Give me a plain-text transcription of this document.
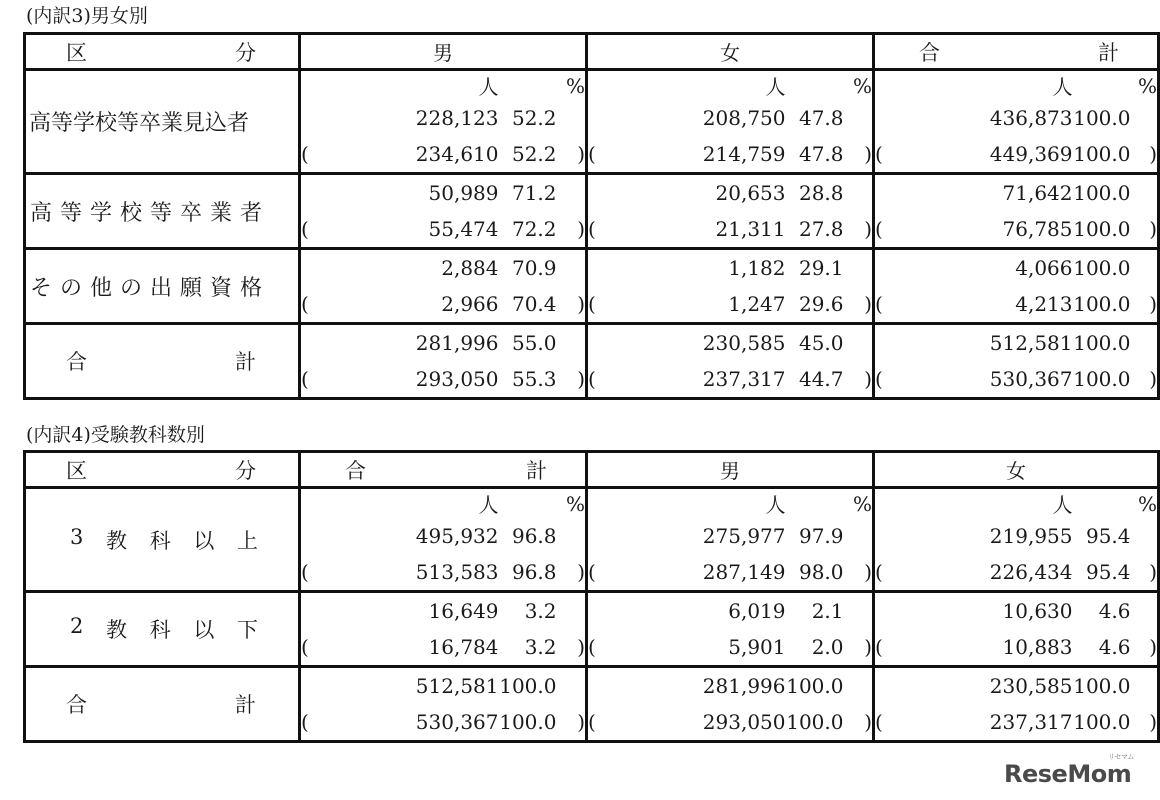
(内訳3)男女別
区 分	男				女				合 計			

高等学校等卒業見込者	人		%		人		%		人		%	
		228,123	52.2			208,750	47.8			436,873	100.0	
	(	234,610	52.2	)	(	214,759	47.8	)	(	449,369	100.0	)

高等学校等卒業者		50,989	71.2			20,653	28.8			71,642	100.0	
	(	55,474	72.2	)	(	21,311	27.8	)	(	76,785	100.0	)

その他の出願資格		2,884	70.9			1,182	29.1			4,066	100.0	
	(	2,966	70.4	)	(	1,247	29.6	)	(	4,213	100.0	)

合 計		281,996	55.0			230,585	45.0			512,581	100.0	
	(	293,050	55.3	)	(	237,317	44.7	)	(	530,367	100.0	)
(内訳4)受験教科数別
区 分	合 計				男				女			

3 教 科 以 上	人		%		人		%		人		%	
		495,932	96.8			275,977	97.9			219,955	95.4	
	(	513,583	96.8	)	(	287,149	98.0	)	(	226,434	95.4	)

2 教 科 以 下		16,649	3.2			6,019	2.1			10,630	4.6	
	(	16,784	3.2	)	(	5,901	2.0	)	(	10,883	4.6	)

合 計		512,581	100.0			281,996	100.0			230,585	100.0	
	(	530,367	100.0	)	(	293,050	100.0	)	(	237,317	100.0	)
ReseMom
リセマム
